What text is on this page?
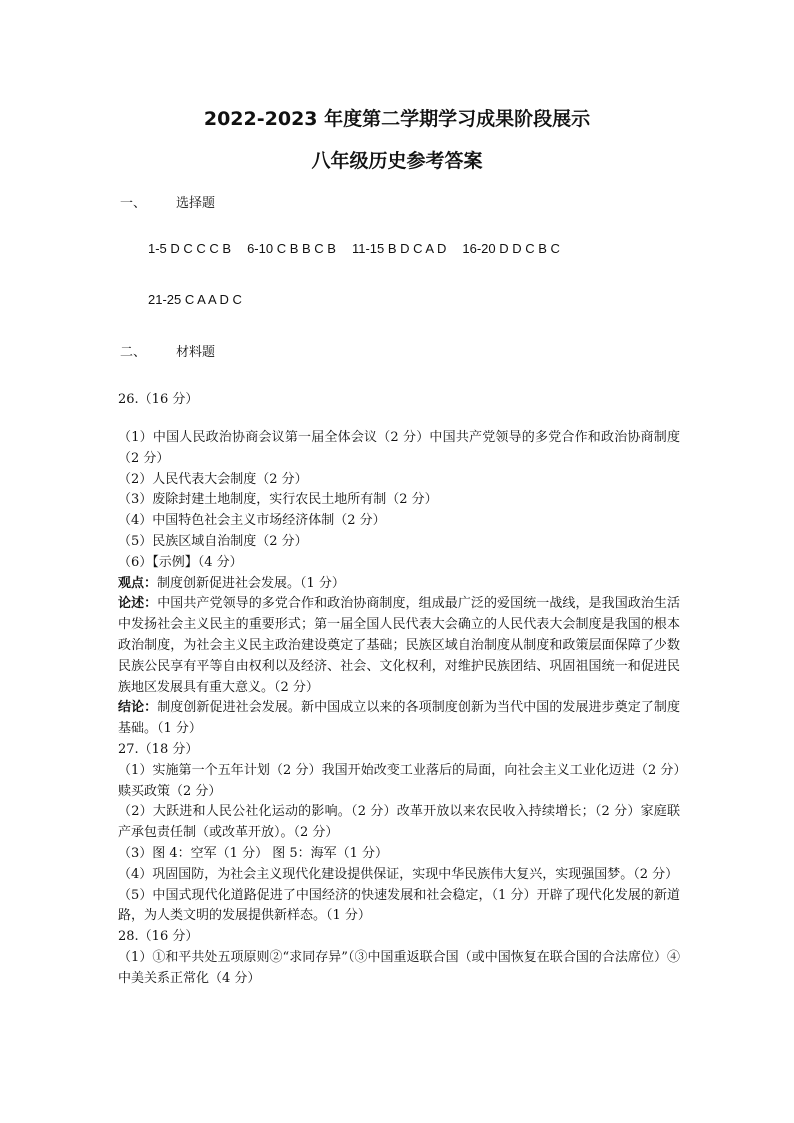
2022-2023 年度第二学期学习成果阶段展示
八年级历史参考答案
一、 选择题
1-5 D C C C B 6-10 C B B C B 11-15 B D C A D 16-20 D D C B C
21-25 C A A D C
二、 材料题

26.（16 分）

（1）中国人民政治协商会议第一届全体会议（2 分）中国共产党领导的多党合作和政治协商制度（2 分）

（2）人民代表大会制度（2 分）

（3）废除封建土地制度，实行农民土地所有制（2 分）

（4）中国特色社会主义市场经济体制（2 分）

（5）民族区域自治制度（2 分）

（6）【示例】（4 分）

观点：制度创新促进社会发展。（1 分）

论述：中国共产党领导的多党合作和政治协商制度，组成最广泛的爱国统一战线，是我国政治生活中发扬社会主义民主的重要形式；第一届全国人民代表大会确立的人民代表大会制度是我国的根本政治制度，为社会主义民主政治建设奠定了基础；民族区域自治制度从制度和政策层面保障了少数民族公民享有平等自由权利以及经济、社会、文化权利，对维护民族团结、巩固祖国统一和促进民族地区发展具有重大意义。（2 分）

结论：制度创新促进社会发展。新中国成立以来的各项制度创新为当代中国的发展进步奠定了制度基础。（1 分）

27.（18 分）

（1）实施第一个五年计划（2 分）我国开始改变工业落后的局面，向社会主义工业化迈进（2 分）赎买政策（2 分）

（2）大跃进和人民公社化运动的影响。（2 分）改革开放以来农民收入持续增长；（2 分）家庭联产承包责任制（或改革开放）。（2 分）

（3）图 4：空军（1 分） 图 5：海军（1 分）

（4）巩固国防，为社会主义现代化建设提供保证，实现中华民族伟大复兴，实现强国梦。（2 分）

（5）中国式现代化道路促进了中国经济的快速发展和社会稳定，（1 分）开辟了现代化发展的新道路，为人类文明的发展提供新样态。（1 分）

28.（16 分）

（1）①和平共处五项原则②“求同存异”（③中国重返联合国（或中国恢复在联合国的合法席位）④中美关系正常化（4 分）
